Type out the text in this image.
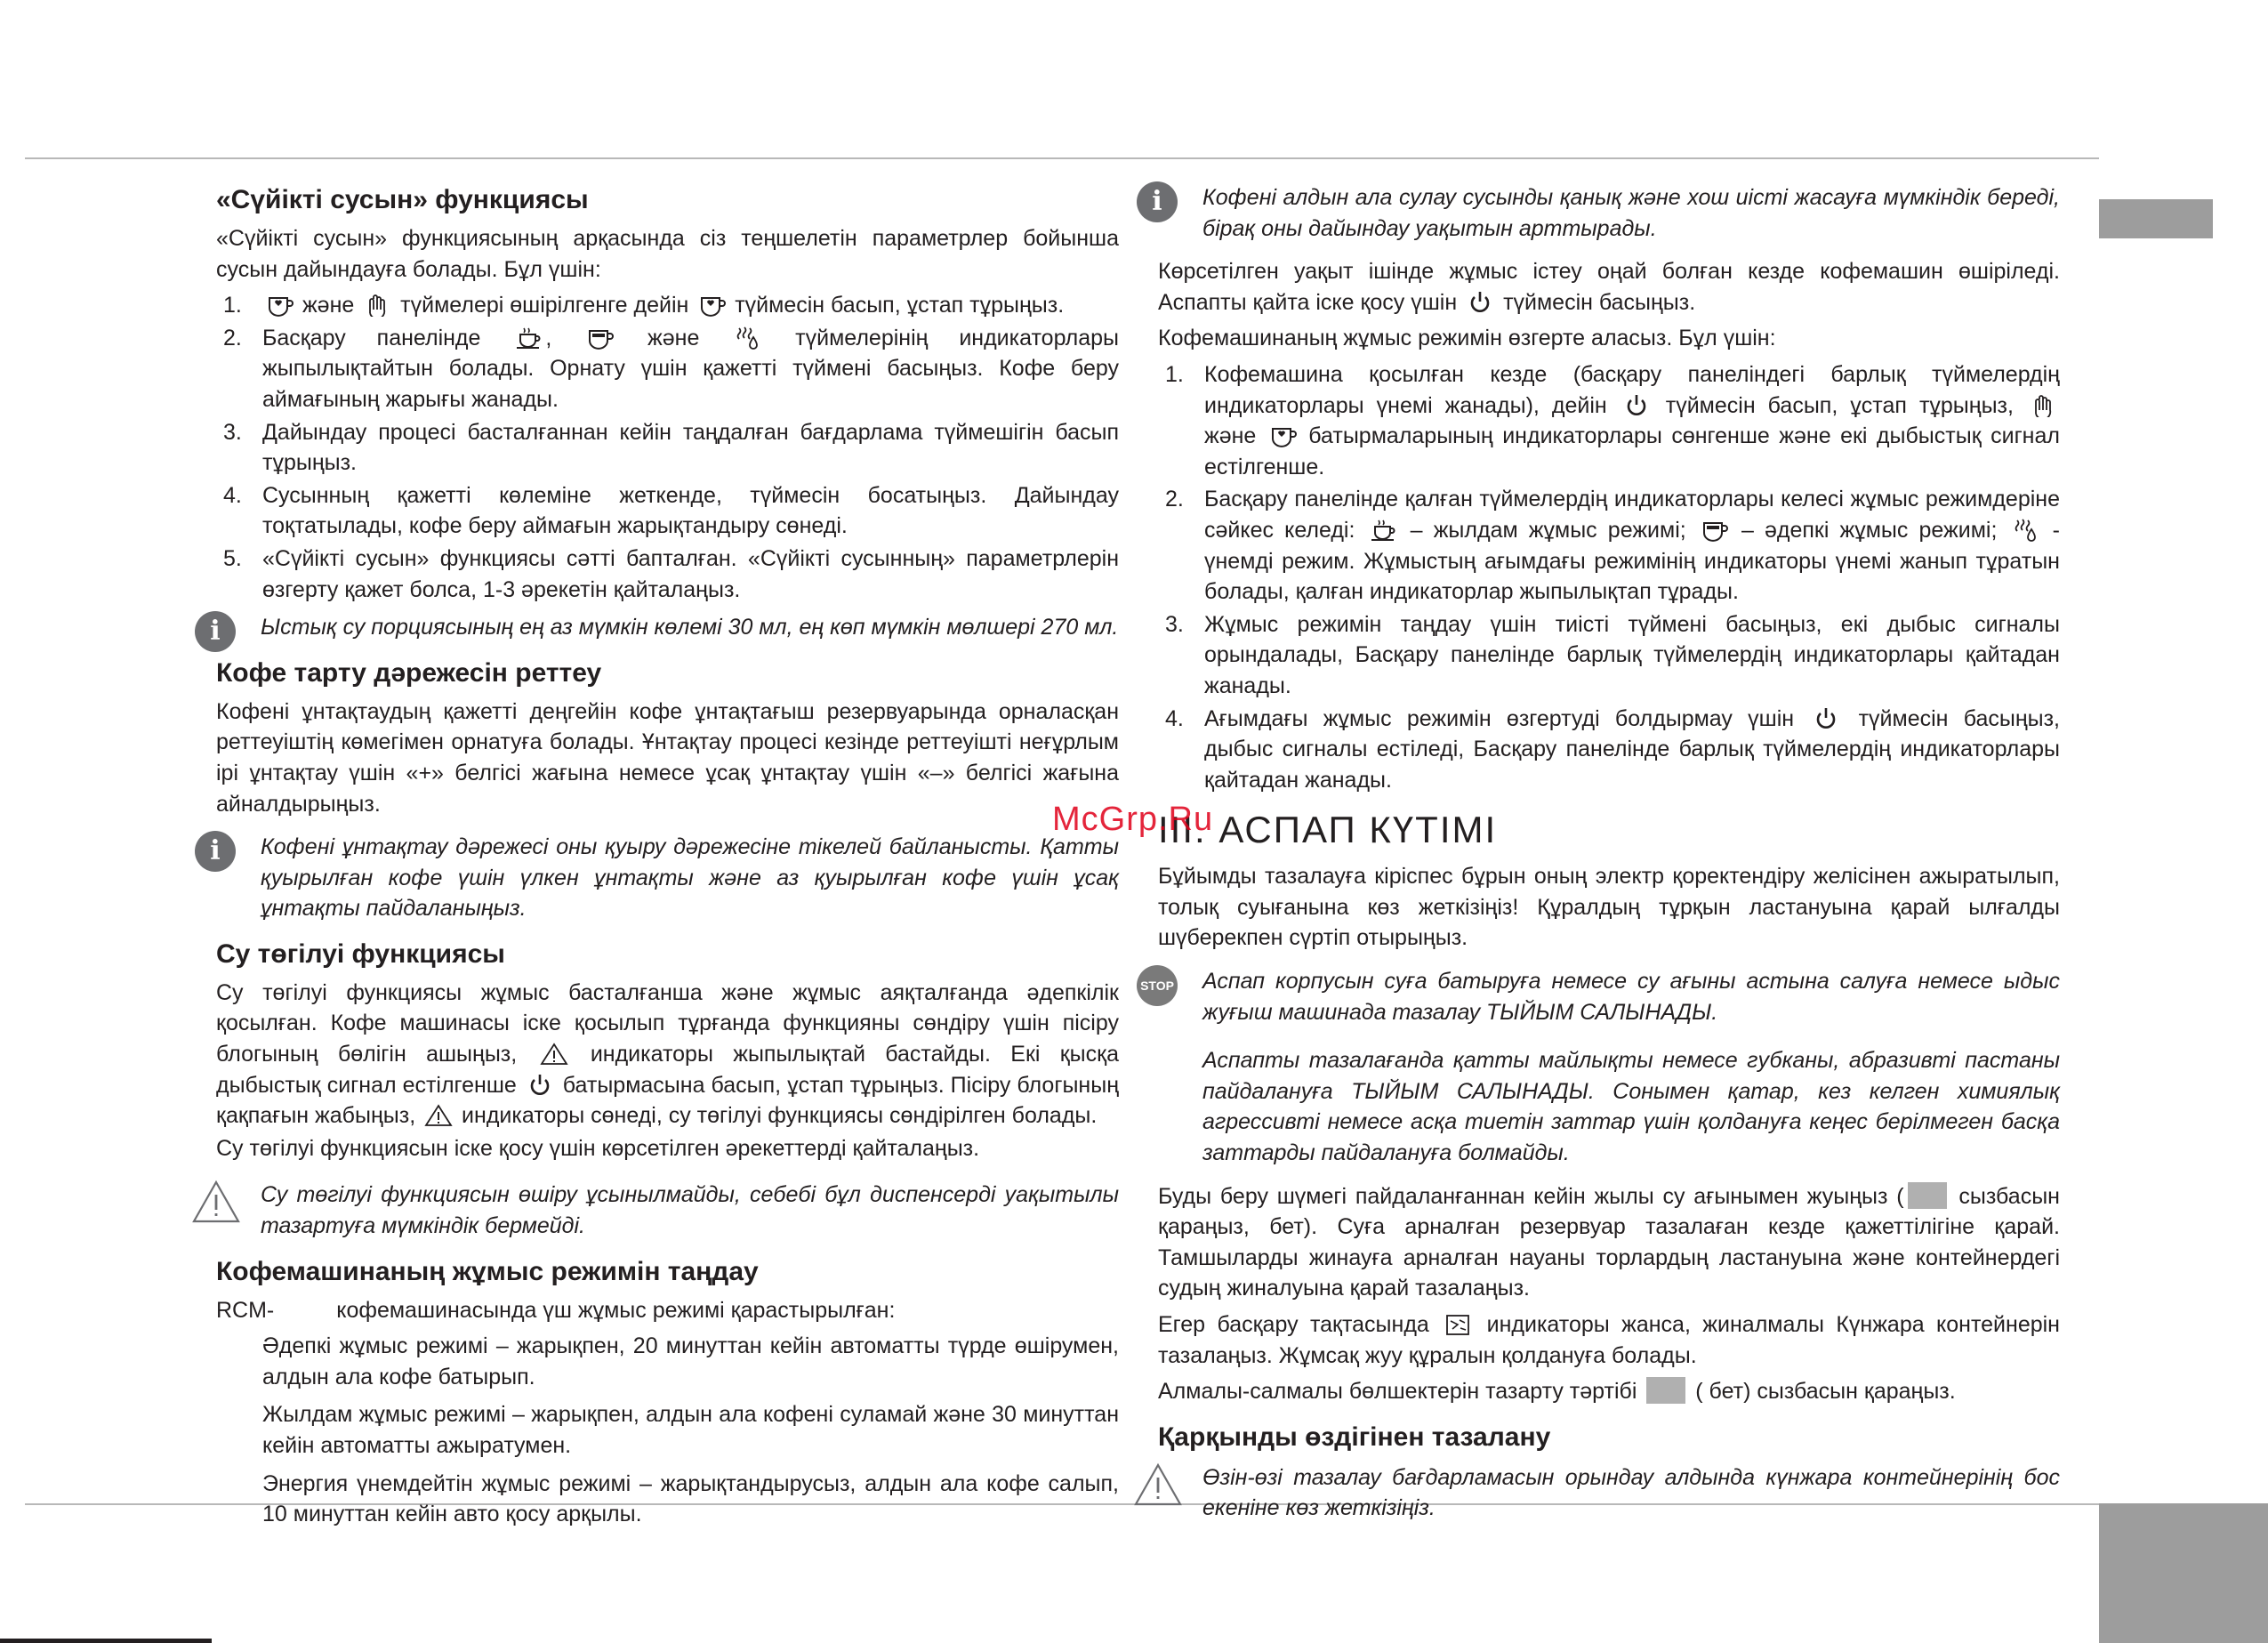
«Сүйікті сусын» функциясы

«Сүйікті сусын» функциясының арқасында сіз теңшелетін параметрлер бойынша сусын дайындауға болады. Бұл үшін:

1. және  түймелері өшірілгенге дейін  түймесін басып, ұстап тұрыңыз.
2. Басқару панелінде ,  және  түймелерінің индикаторлары жыпылықтайтын болады. Орнату үшін қажетті түймені басыңыз. Кофе беру аймағының жарығы жанады.
3. Дайындау процесі басталғаннан кейін таңдалған бағдарлама түймешігін басып тұрыңыз.
4. Сусынның қажетті көлеміне жеткенде, түймесін босатыңыз. Дайындау тоқтатылады, кофе беру аймағын жарықтандыру сөнеді.
5. «Сүйікті сусын» функциясы сәтті бапталған. «Сүйікті сусынның» параметрлерін өзгерту қажет болса, 1-3 әрекетін қайталаңыз.
i	Ыстық су порциясының ең аз мүмкін көлемі 30 мл, ең көп мүмкін мөлшері 270 мл.

Кофе тарту дәрежесін реттеу

Кофені ұнтақтаудың қажетті деңгейін кофе ұнтақтағыш резервуарында орналасқан реттеуіштің көмегімен орнатуға болады. Ұнтақтау процесі кезінде реттеуішті неғұрлым ірі ұнтақтау үшін «+» белгісі жағына немесе ұсақ ұнтақтау үшін «–» белгісі жағына айналдырыңыз.

i	Кофені ұнтақтау дәрежесі оны қуыру дәрежесіне тікелей байланысты. Қатты қуырылған кофе үшін үлкен ұнтақты және аз қуырылған кофе үшін ұсақ ұнтақты пайдаланыңыз.

Су төгілуі функциясы

Су төгілуі функциясы жұмыс басталғанша және жұмыс аяқталғанда әдепкілік қосылған. Кофе машинасы іске қосылып тұрғанда функцияны сөндіру үшін пісіру блогының бөлігін ашыңыз,  индикаторы жыпылықтай бастайды. Екі қысқа дыбыстық сигнал естілгенше  батырмасына басып, ұстап тұрыңыз. Пісіру блогының қақпағын жабыңыз,  индикаторы сөнеді, су төгілуі функциясы сөндірілген болады.

Су төгілуі функциясын іске қосу үшін көрсетілген әрекеттерді қайталаңыз.

Су төгілуі функциясын өшіру ұсынылмайды, себебі бұл диспенсерді уақытылы тазартуға мүмкіндік бермейді.

Кофемашинаның жұмыс режимін таңдау
RCM-	кофемашинасында үш жұмыс режимі қарастырылған:

Әдепкі жұмыс режимі – жарықпен, 20 минуттан кейін автоматты түрде өшірумен, алдын ала кофе батырып.

Жылдам жұмыс режимі – жарықпен, алдын ала кофені суламай және 30 минуттан кейін автоматты ажыратумен.

Энергия үнемдейтін жұмыс режимі – жарықтандырусыз, алдын ала кофе салып, 10 минуттан кейін авто қосу арқылы.

i	Кофені алдын ала сулау сусынды қанық және хош иісті жасауға мүмкіндік береді, бірақ оны дайындау уақытын арттырады.

Көрсетілген уақыт ішінде жұмыс істеу оңай болған кезде кофемашин өшіріледі. Аспапты қайта іске қосу үшін  түймесін басыңыз.

Кофемашинаның жұмыс режимін өзгерте аласыз. Бұл үшін:

1. Кофемашина қосылған кезде (басқару панеліндегі барлық түймелердің индикаторлары үнемі жанады), дейін  түймесін басып, ұстап тұрыңыз,  және  батырмаларының индикаторлары сөнгенше және екі дыбыстық сигнал естілгенше.
2. Басқару панелінде қалған түймелердің индикаторлары келесі жұмыс режимдеріне сәйкес келеді:  – жылдам жұмыс режимі;  – әдепкі жұмыс режимі;  - үнемді режим. Жұмыстың ағымдағы режимінің индикаторы үнемі жанып тұратын болады, қалған индикаторлар жыпылықтап тұрады.
3. Жұмыс режимін таңдау үшін тиісті түймені басыңыз, екі дыбыс сигналы орындалады, Басқару панелінде барлық түймелердің индикаторлары қайтадан жанады.
4. Ағымдағы жұмыс режимін өзгертуді болдырмау үшін  түймесін басыңыз, дыбыс сигналы естіледі, Басқару панелінде барлық түймелердің индикаторлары қайтадан жанады.
III. АСПАП КҮТІМІ

Бұйымды тазалауға кіріспес бұрын оның электр қоректендіру желісінен ажыратылып, толық суығанына көз жеткізіңіз! Құралдың тұрқын ластануына қарай ылғалды шүберекпен сүртіп отырыңыз.

STOP Аспап корпусын суға батыруға немесе су ағыны астына салуға немесе ыдыс жуғыш машинада тазалау ТЫЙЫМ САЛЫНАДЫ.

Аспапты тазалағанда қатты майлықты немесе губканы, абразивті пастаны пайдалануға ТЫЙЫМ САЛЫНАДЫ. Сонымен қатар, кез келген химиялық агрессивті немесе асқа тиетін заттар үшін қолдануға кеңес берілмеген басқа заттарды пайдалануға болмайды.

Буды беру шүмегі пайдаланғаннан кейін жылы су ағынымен жуыңыз ( сызбасын қараңыз, бет). Суға арналған резервуар тазалаған кезде қажеттілігіне қарай. Тамшыларды жинауға арналған науаны торлардың ластануына және контейнердегі судың жиналуына қарай тазалаңыз.

Егер басқару тақтасында  индикаторы жанса, жиналмалы Күнжара контейнерін тазалаңыз. Жұмсақ жуу құралын қолдануға болады.

Алмалы-салмалы бөлшектерін тазарту тәртібі  ( бет) сызбасын қараңыз.

Қарқынды өздігінен тазалану

Өзін-өзі тазалау бағдарламасын орындау алдында күнжара контейнерінің бос екеніне көз жеткізіңіз.

McGrp.Ru
